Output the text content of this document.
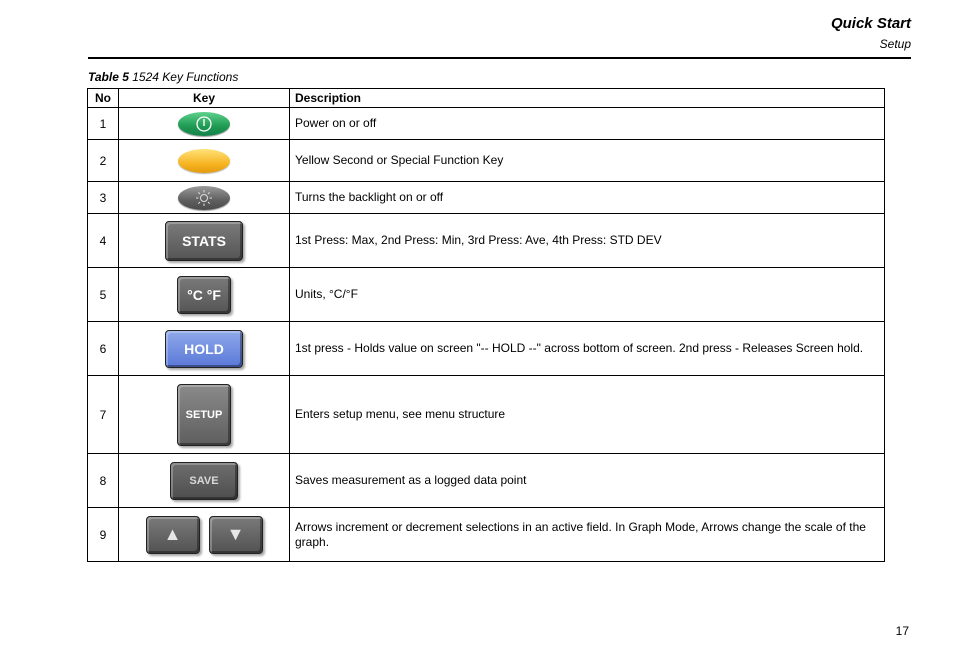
Quick Start
Setup
Table 5 1524 Key Functions
No	Key	Description
1		Power on or off
2		Yellow Second or Special Function Key
3		Turns the backlight on or off
4	STATS	1st Press: Max, 2nd Press: Min, 3rd Press: Ave, 4th Press: STD DEV
5	°C °F	Units, °C/°F
6	HOLD	1st press - Holds value on screen "-- HOLD --" across bottom of screen. 2nd press - Releases Screen hold.
7	SETUP	Enters setup menu, see menu structure
8	SAVE	Saves measurement as a logged data point
9	▲ ▼	Arrows increment or decrement selections in an active field. In Graph Mode, Arrows change the scale of the graph.
17
